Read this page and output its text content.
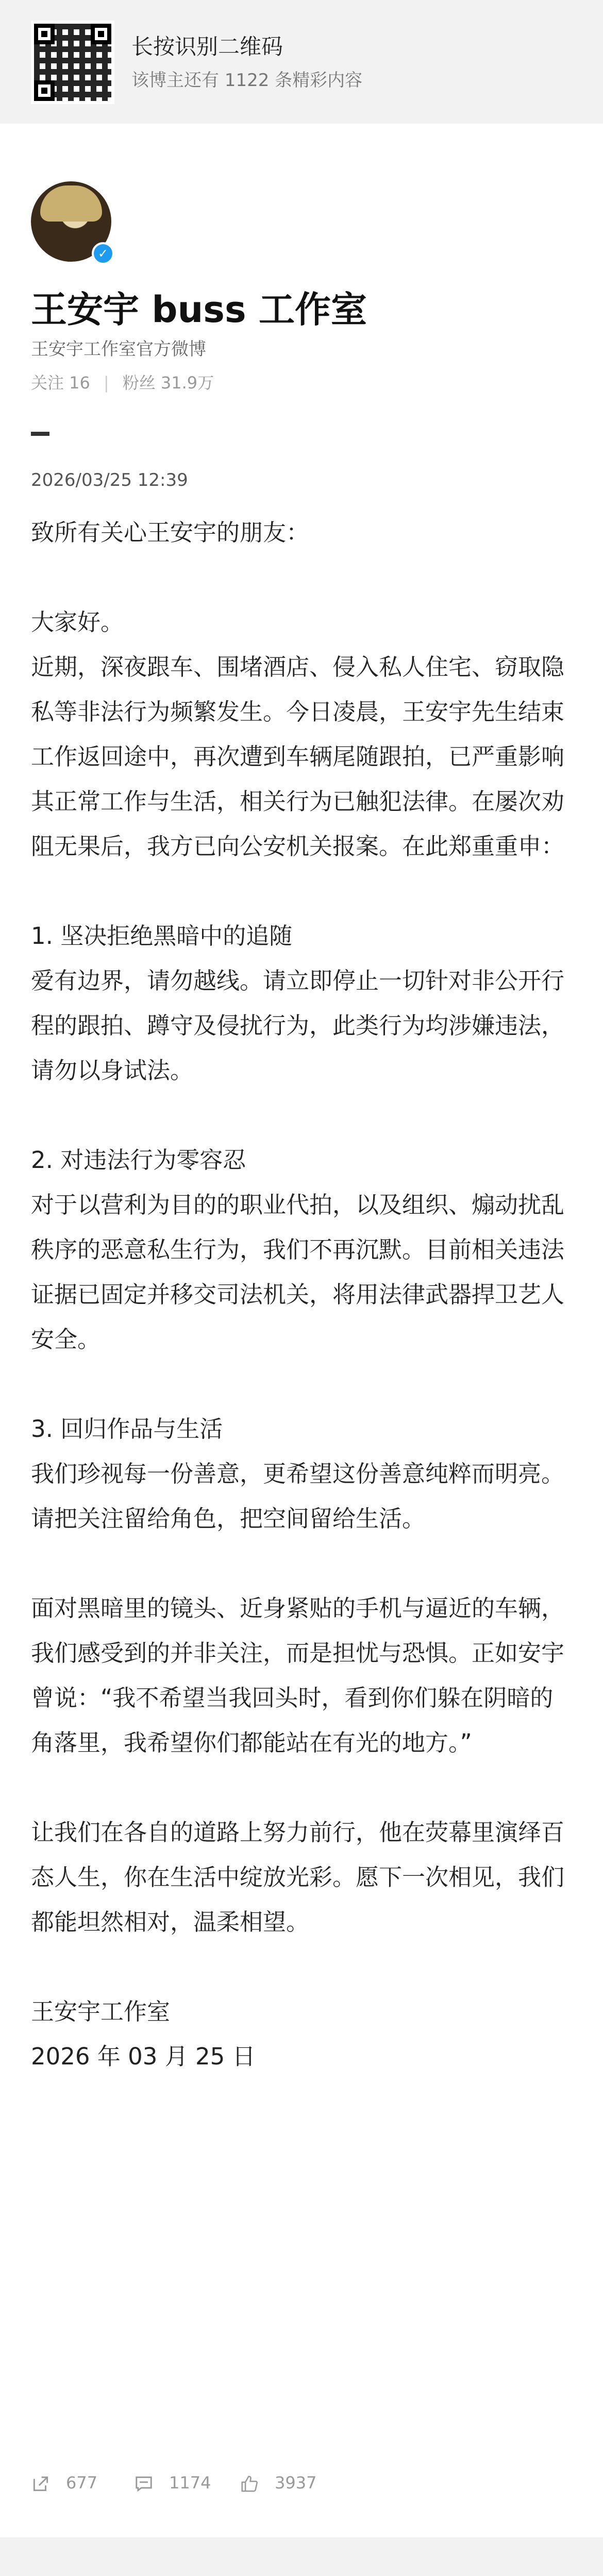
长按识别二维码
该博主还有 1122 条精彩内容
✓
王安宇 buss 工作室
王安宇工作室官方微博
关注 16 | 粉丝 31.9万
2026/03/25 12:39

致所有关心王安宇的朋友：

大家好。

近期，深夜跟车、围堵酒店、侵入私人住宅、窃取隐私等非法行为频繁发生。今日凌晨，王安宇先生结束工作返回途中，再次遭到车辆尾随跟拍，已严重影响其正常工作与生活，相关行为已触犯法律。在屡次劝阻无果后，我方已向公安机关报案。在此郑重重申：

1. 坚决拒绝黑暗中的追随

爱有边界，请勿越线。请立即停止一切针对非公开行程的跟拍、蹲守及侵扰行为，此类行为均涉嫌违法，请勿以身试法。

2. 对违法行为零容忍

对于以营利为目的的职业代拍，以及组织、煽动扰乱秩序的恶意私生行为，我们不再沉默。目前相关违法证据已固定并移交司法机关，将用法律武器捍卫艺人安全。

3. 回归作品与生活

我们珍视每一份善意，更希望这份善意纯粹而明亮。请把关注留给角色，把空间留给生活。

面对黑暗里的镜头、近身紧贴的手机与逼近的车辆，我们感受到的并非关注，而是担忧与恐惧。正如安宇曾说：“我不希望当我回头时，看到你们躲在阴暗的角落里，我希望你们都能站在有光的地方。”

让我们在各自的道路上努力前行，他在荧幕里演绎百态人生，你在生活中绽放光彩。愿下一次相见，我们都能坦然相对，温柔相望。

王安宇工作室

2026 年 03 月 25 日

677	1174	3937
